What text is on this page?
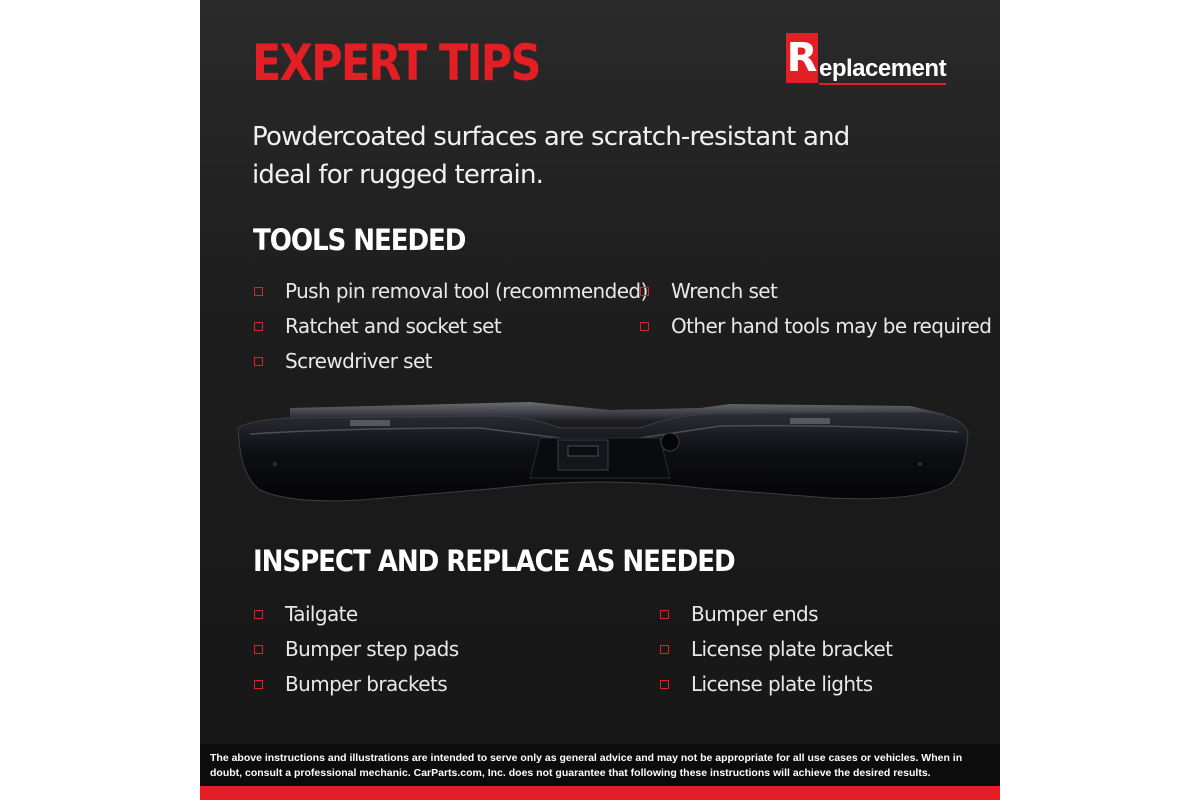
EXPERT TIPS	R eplacement

Powdercoated surfaces are scratch-resistant and ideal for rugged terrain.

TOOLS NEEDED
Push pin removal tool (recommended)
Ratchet and socket set
Screwdriver set
Wrench set
Other hand tools may be required
INSPECT AND REPLACE AS NEEDED
Tailgate
Bumper step pads
Bumper brackets
Bumper ends
License plate bracket
License plate lights

The above instructions and illustrations are intended to serve only as general advice and may not be appropriate for all use cases or vehicles. When in doubt, consult a professional mechanic. CarParts.com, Inc. does not guarantee that following these instructions will achieve the desired results.
